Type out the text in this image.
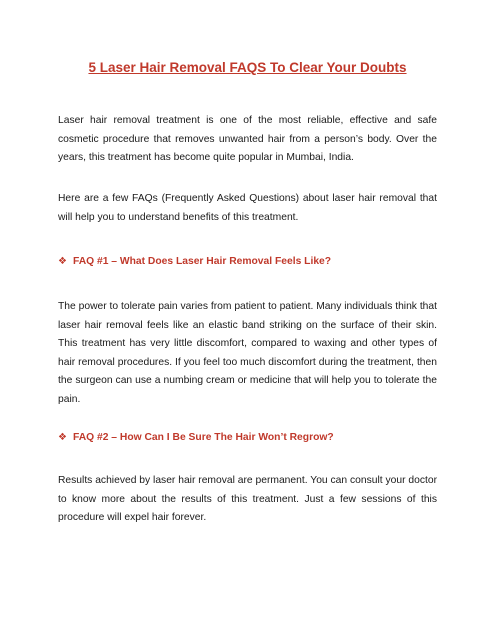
5 Laser Hair Removal FAQS To Clear Your Doubts

Laser hair removal treatment is one of the most reliable, effective and safe cosmetic procedure that removes unwanted hair from a person’s body. Over the years, this treatment has become quite popular in Mumbai, India.

Here are a few FAQs (Frequently Asked Questions) about laser hair removal that will help you to understand benefits of this treatment.

❖ FAQ #1 – What Does Laser Hair Removal Feels Like?

The power to tolerate pain varies from patient to patient. Many individuals think that laser hair removal feels like an elastic band striking on the surface of their skin. This treatment has very little discomfort, compared to waxing and other types of hair removal procedures. If you feel too much discomfort during the treatment, then the surgeon can use a numbing cream or medicine that will help you to tolerate the pain.

❖ FAQ #2 – How Can I Be Sure The Hair Won’t Regrow?

Results achieved by laser hair removal are permanent. You can consult your doctor to know more about the results of this treatment. Just a few sessions of this procedure will expel hair forever.
